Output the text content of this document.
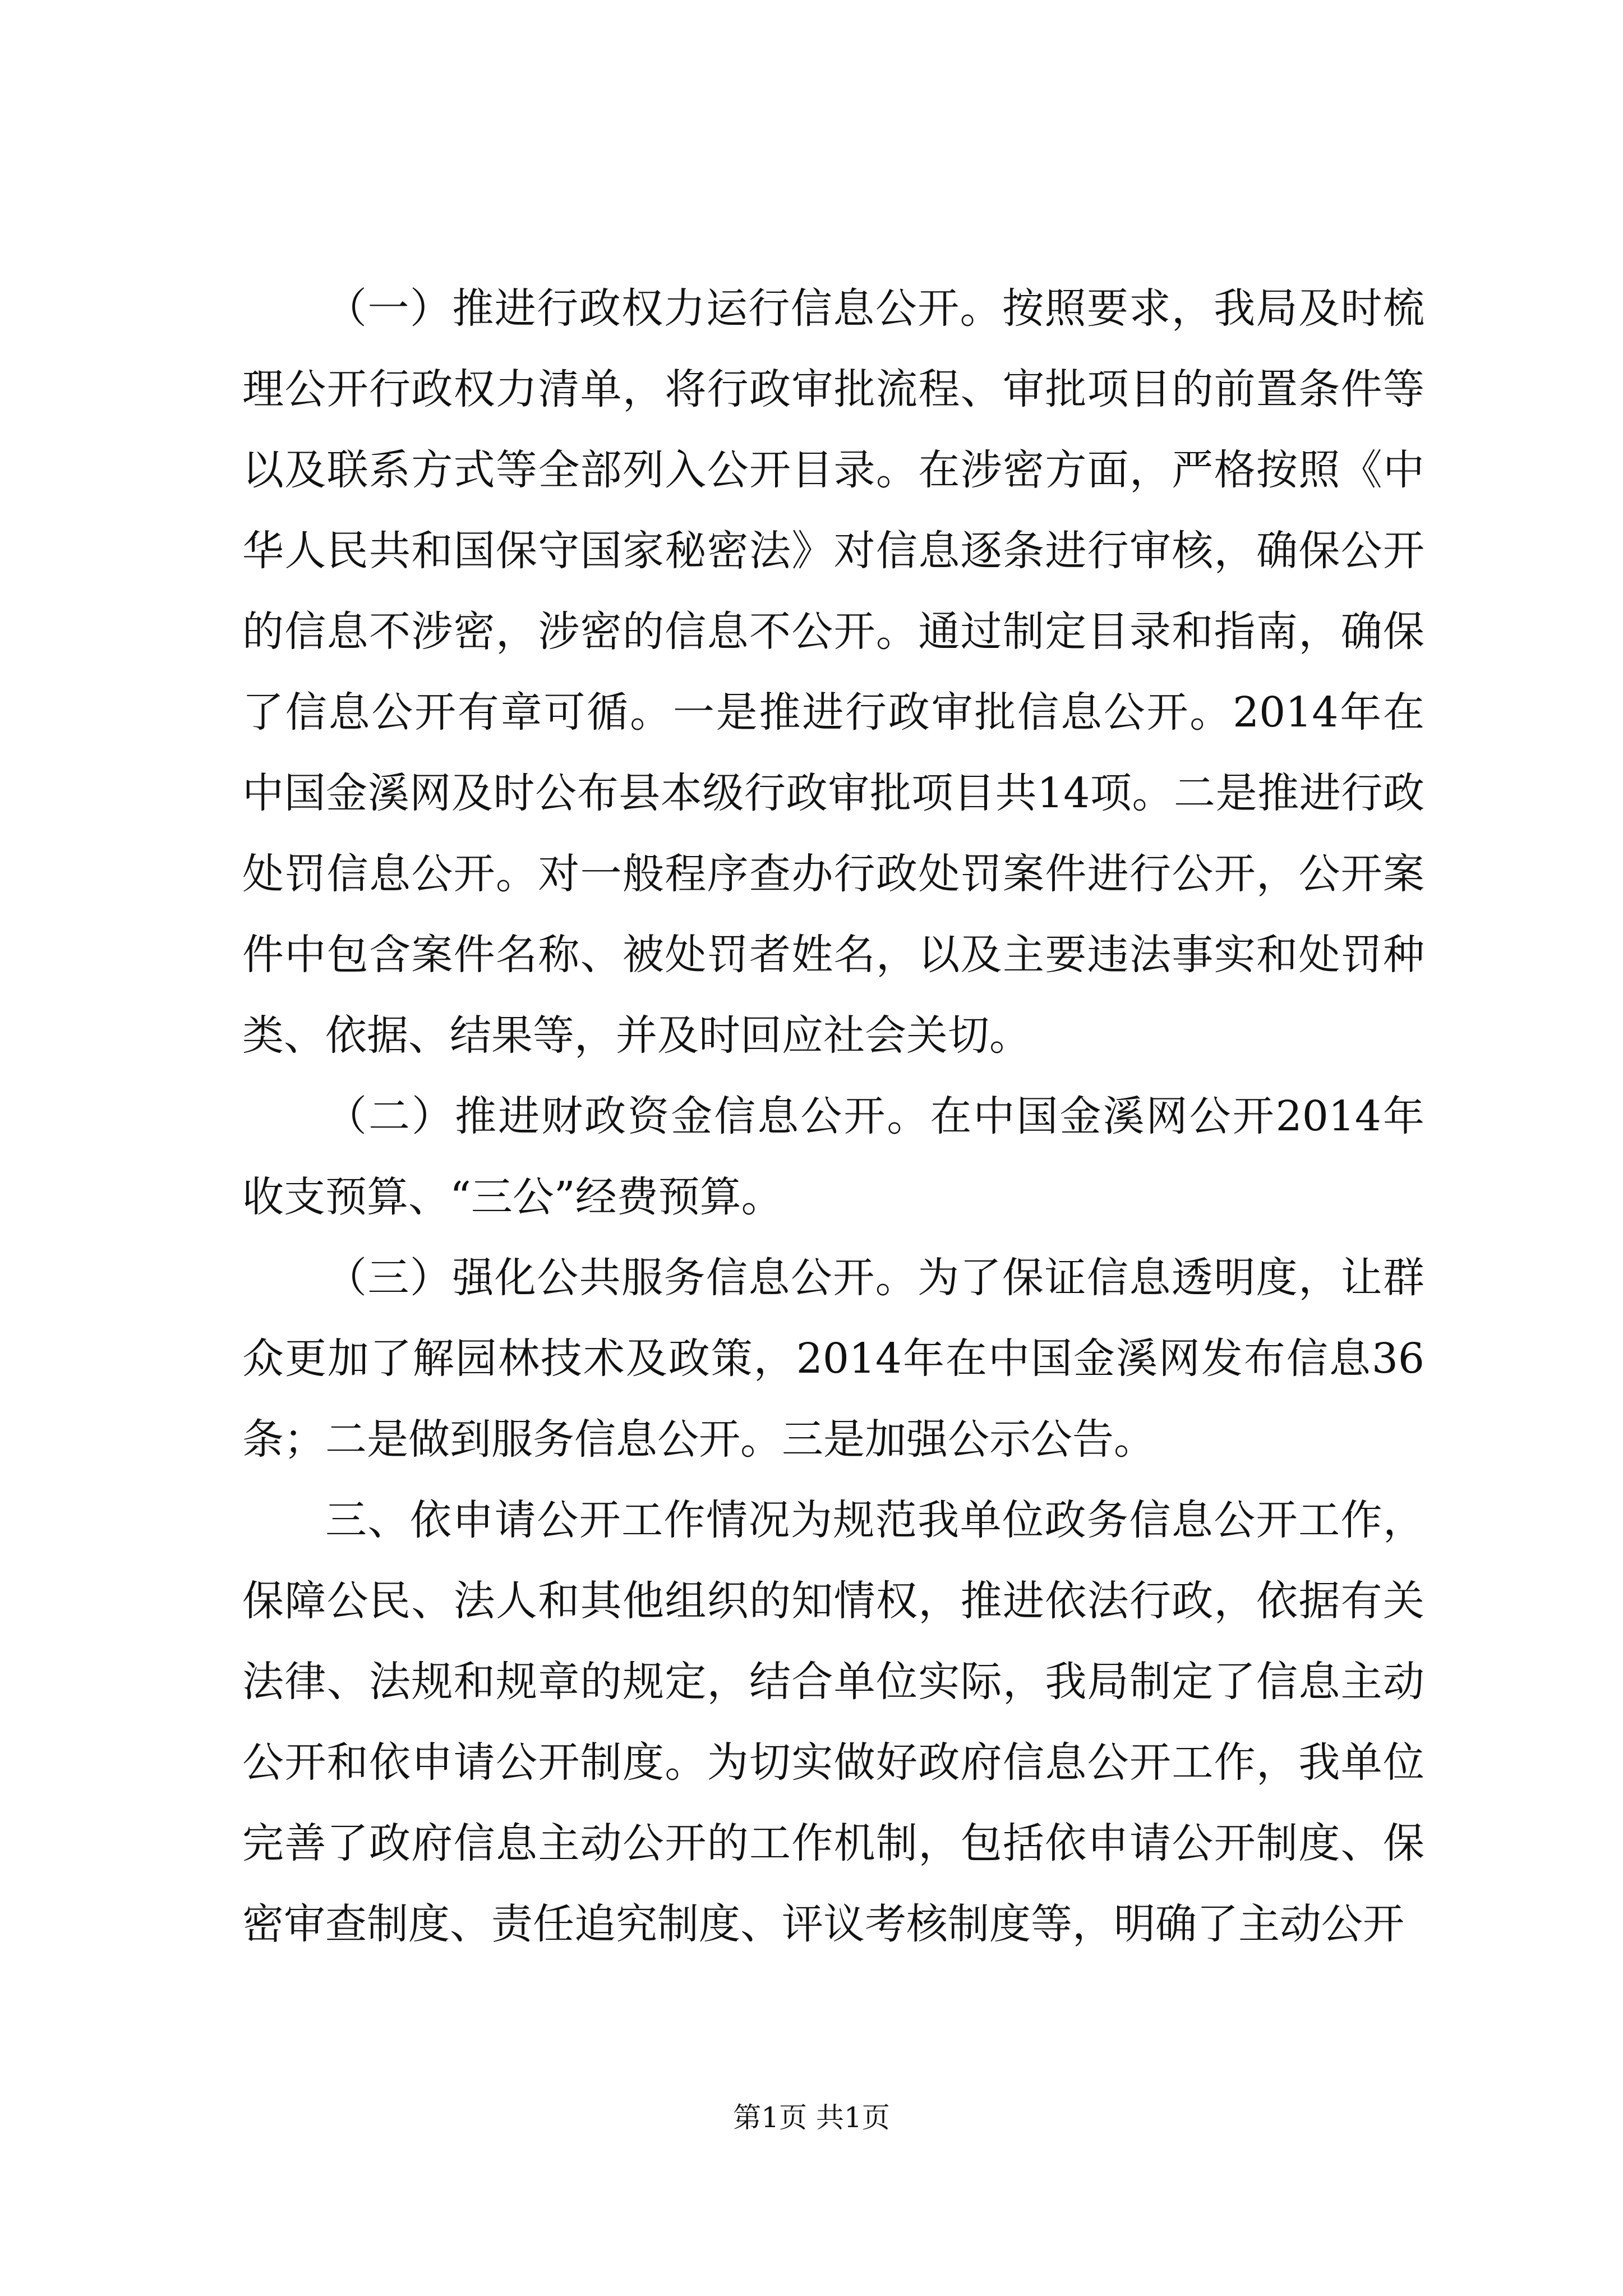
（一）推进行政权力运行信息公开。按照要求，我局及时梳理公开行政权力清单，将行政审批流程、审批项目的前置条件等以及联系方式等全部列入公开目录。在涉密方面，严格按照《中华人民共和国保守国家秘密法》对信息逐条进行审核，确保公开的信息不涉密，涉密的信息不公开。通过制定目录和指南，确保了信息公开有章可循。一是推进行政审批信息公开。2014年在中国金溪网及时公布县本级行政审批项目共14项。二是推进行政处罚信息公开。对一般程序查办行政处罚案件进行公开，公开案件中包含案件名称、被处罚者姓名，以及主要违法事实和处罚种类、依据、结果等，并及时回应社会关切。

（二）推进财政资金信息公开。在中国金溪网公开2014年收支预算、“三公”经费预算。

（三）强化公共服务信息公开。为了保证信息透明度，让群众更加了解园林技术及政策，2014年在中国金溪网发布信息36条；二是做到服务信息公开。三是加强公示公告。

三、依申请公开工作情况为规范我单位政务信息公开工作，保障公民、法人和其他组织的知情权，推进依法行政，依据有关法律、法规和规章的规定，结合单位实际，我局制定了信息主动公开和依申请公开制度。为切实做好政府信息公开工作，我单位完善了政府信息主动公开的工作机制，包括依申请公开制度、保密审查制度、责任追究制度、评议考核制度等，明确了主动公开

第1页 共1页
